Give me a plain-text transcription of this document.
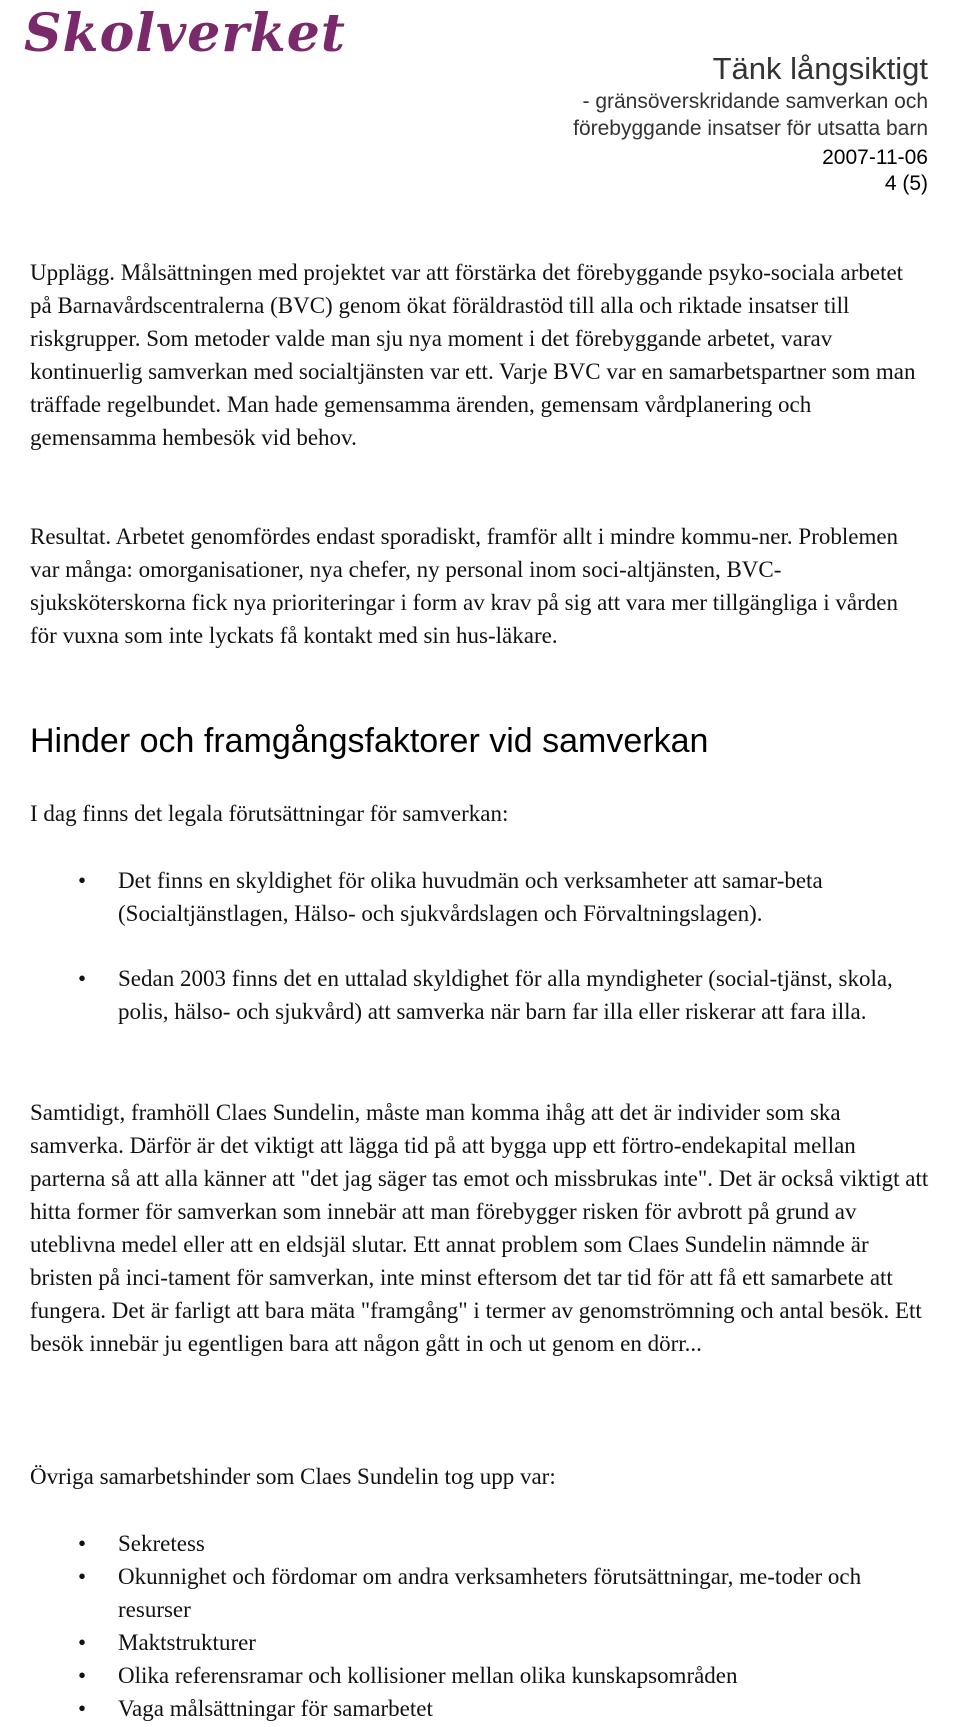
Skolverket
Tänk långsiktigt
- gränsöverskridande samverkan och
förebyggande insatser för utsatta barn
2007-11-06
4 (5)

Upplägg. Målsättningen med projektet var att förstärka det förebyggande psyko-sociala arbetet på Barnavårdscentralerna (BVC) genom ökat föräldrastöd till alla och riktade insatser till riskgrupper. Som metoder valde man sju nya moment i det förebyggande arbetet, varav kontinuerlig samverkan med socialtjänsten var ett. Varje BVC var en samarbetspartner som man träffade regelbundet. Man hade gemensamma ärenden, gemensam vårdplanering och gemensamma hembesök vid behov.

Resultat. Arbetet genomfördes endast sporadiskt, framför allt i mindre kommu-ner. Problemen var många: omorganisationer, nya chefer, ny personal inom soci-altjänsten, BVC-sjuksköterskorna fick nya prioriteringar i form av krav på sig att vara mer tillgängliga i vården för vuxna som inte lyckats få kontakt med sin hus-läkare.

Hinder och framgångsfaktorer vid samverkan

I dag finns det legala förutsättningar för samverkan:

• Det finns en skyldighet för olika huvudmän och verksamheter att samar-beta (Socialtjänstlagen, Hälso- och sjukvårdslagen och Förvaltningslagen).
• Sedan 2003 finns det en uttalad skyldighet för alla myndigheter (social-tjänst, skola, polis, hälso- och sjukvård) att samverka när barn far illa eller riskerar att fara illa.

Samtidigt, framhöll Claes Sundelin, måste man komma ihåg att det är individer som ska samverka. Därför är det viktigt att lägga tid på att bygga upp ett förtro-endekapital mellan parterna så att alla känner att "det jag säger tas emot och missbrukas inte". Det är också viktigt att hitta former för samverkan som innebär att man förebygger risken för avbrott på grund av uteblivna medel eller att en eldsjäl slutar. Ett annat problem som Claes Sundelin nämnde är bristen på inci-tament för samverkan, inte minst eftersom det tar tid för att få ett samarbete att fungera. Det är farligt att bara mäta "framgång" i termer av genomströmning och antal besök. Ett besök innebär ju egentligen bara att någon gått in och ut genom en dörr...

Övriga samarbetshinder som Claes Sundelin tog upp var:

• Sekretess
• Okunnighet och fördomar om andra verksamheters förutsättningar, me-toder och resurser
• Maktstrukturer
• Olika referensramar och kollisioner mellan olika kunskapsområden
• Vaga målsättningar för samarbetet
